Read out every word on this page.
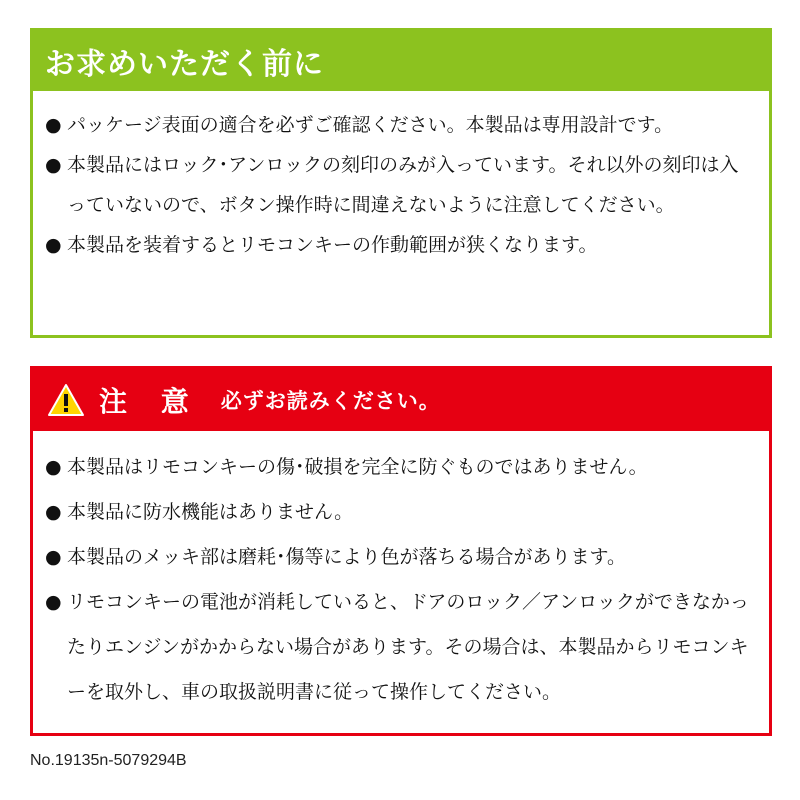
お求めいただく前に
● パッケージ表面の適合を必ずご確認ください。本製品は専用設計です。
● 本製品にはロック･アンロックの刻印のみが入っています。それ以外の刻印は入っていないので、ボタン操作時に間違えないように注意してください。
● 本製品を装着するとリモコンキーの作動範囲が狭くなります。
注 意 必ずお読みください。
● 本製品はリモコンキーの傷･破損を完全に防ぐものではありません。
● 本製品に防水機能はありません。
● 本製品のメッキ部は磨耗･傷等により色が落ちる場合があります。
● リモコンキーの電池が消耗していると、ドアのロック／アンロックができなかったりエンジンがかからない場合があります。その場合は、本製品からリモコンキーを取外し、車の取扱説明書に従って操作してください。
No.19135n-5079294B
